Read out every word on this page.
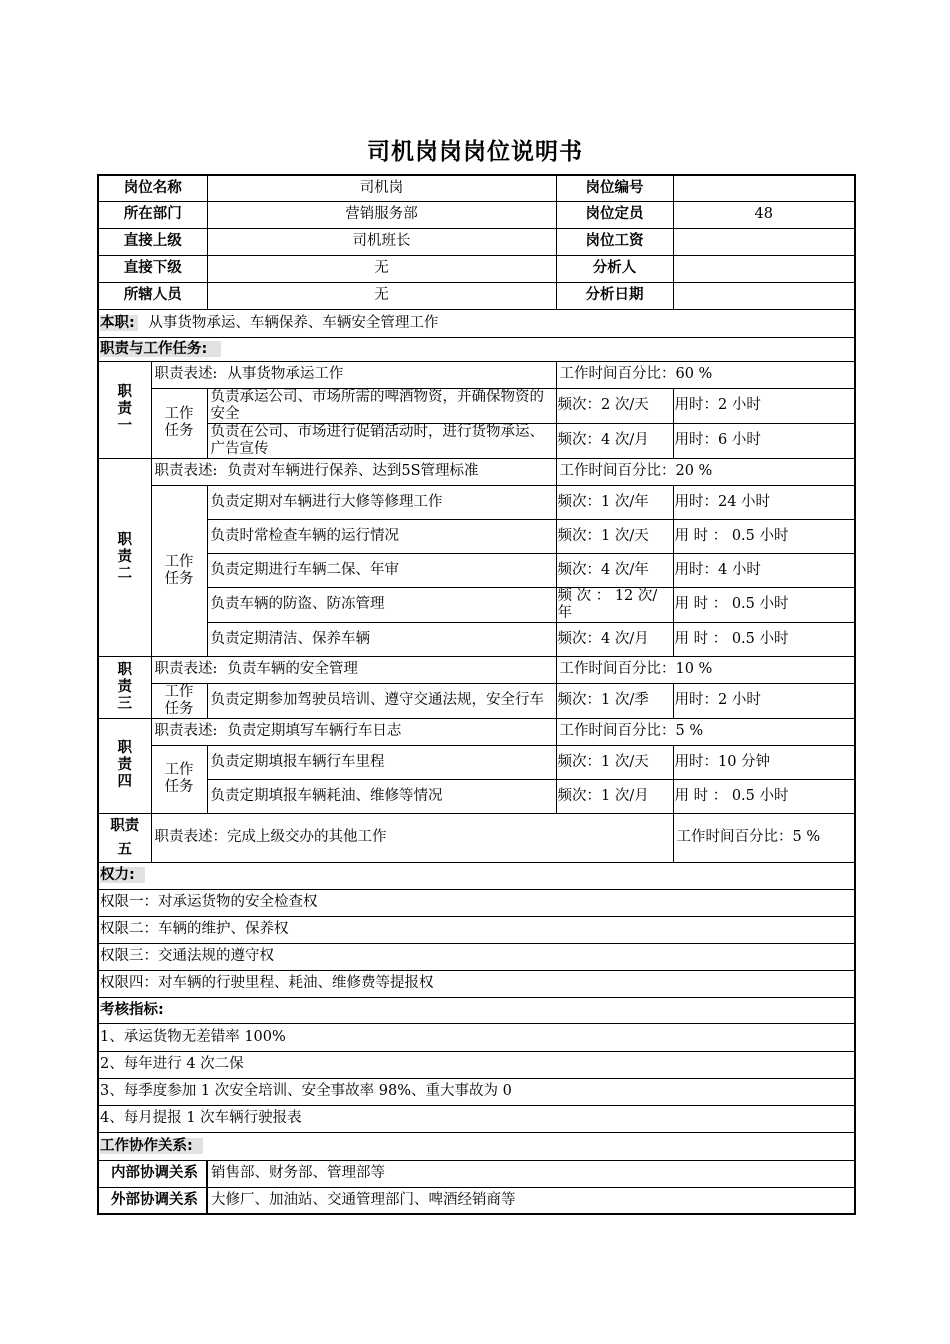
司机岗岗岗位说明书
岗位名称		司机岗	岗位编号	
所在部门		营销服务部	岗位定员	48
直接上级		司机班长	岗位工资	
直接下级		无	分析人	
所辖人员		无	分析日期	
本职: 从事货物承运、车辆保养、车辆安全管理工作				
职责与工作任务:				
职
责
一	职责表述: 从事货物承运工作		工作时间百分比：60 %	
	工作任务	负责承运公司、市场所需的啤酒物资，并确保物资的安全	频次：2 次/天	用时：2 小时
		负责在公司、市场进行促销活动时，进行货物承运、广告宣传	频次：4 次/月	用时：6 小时
职
责
二	职责表述: 负责对车辆进行保养、达到5S管理标准		工作时间百分比：20 %	
	工作任务	负责定期对车辆进行大修等修理工作	频次：1 次/年	用时：24 小时
		负责时常检查车辆的运行情况	频次：1 次/天	用 时 ： 0.5 小时
		负责定期进行车辆二保、年审	频次：4 次/年	用时：4 小时
		负责车辆的防盗、防冻管理	频 次 ： 12 次/年	用 时 ： 0.5 小时
		负责定期清洁、保养车辆	频次：4 次/月	用 时 ： 0.5 小时
职
责
三	职责表述: 负责车辆的安全管理		工作时间百分比：10 %	
	工作任务	负责定期参加驾驶员培训、遵守交通法规，安全行车	频次：1 次/季	用时：2 小时
职
责
四	职责表述: 负责定期填写车辆行车日志		工作时间百分比：5 %	
	工作任务	负责定期填报车辆行车里程	频次：1 次/天	用时：10 分钟
		负责定期填报车辆耗油、维修等情况	频次：1 次/月	用 时 ： 0.5 小时
职责
五	职责表述：完成上级交办的其他工作			工作时间百分比：5 %
权力:				
权限一：对承运货物的安全检查权				
权限二：车辆的维护、保养权				
权限三：交通法规的遵守权				
权限四：对车辆的行驶里程、耗油、维修费等提报权				
考核指标:				
1、承运货物无差错率 100%				
2、每年进行 4 次二保				
3、每季度参加 1 次安全培训、安全事故率 98%、重大事故为 0				
4、每月提报 1 次车辆行驶报表				
工作协作关系:				
内部协调关系		销售部、财务部、管理部等		
外部协调关系		大修厂、加油站、交通管理部门、啤酒经销商等		
